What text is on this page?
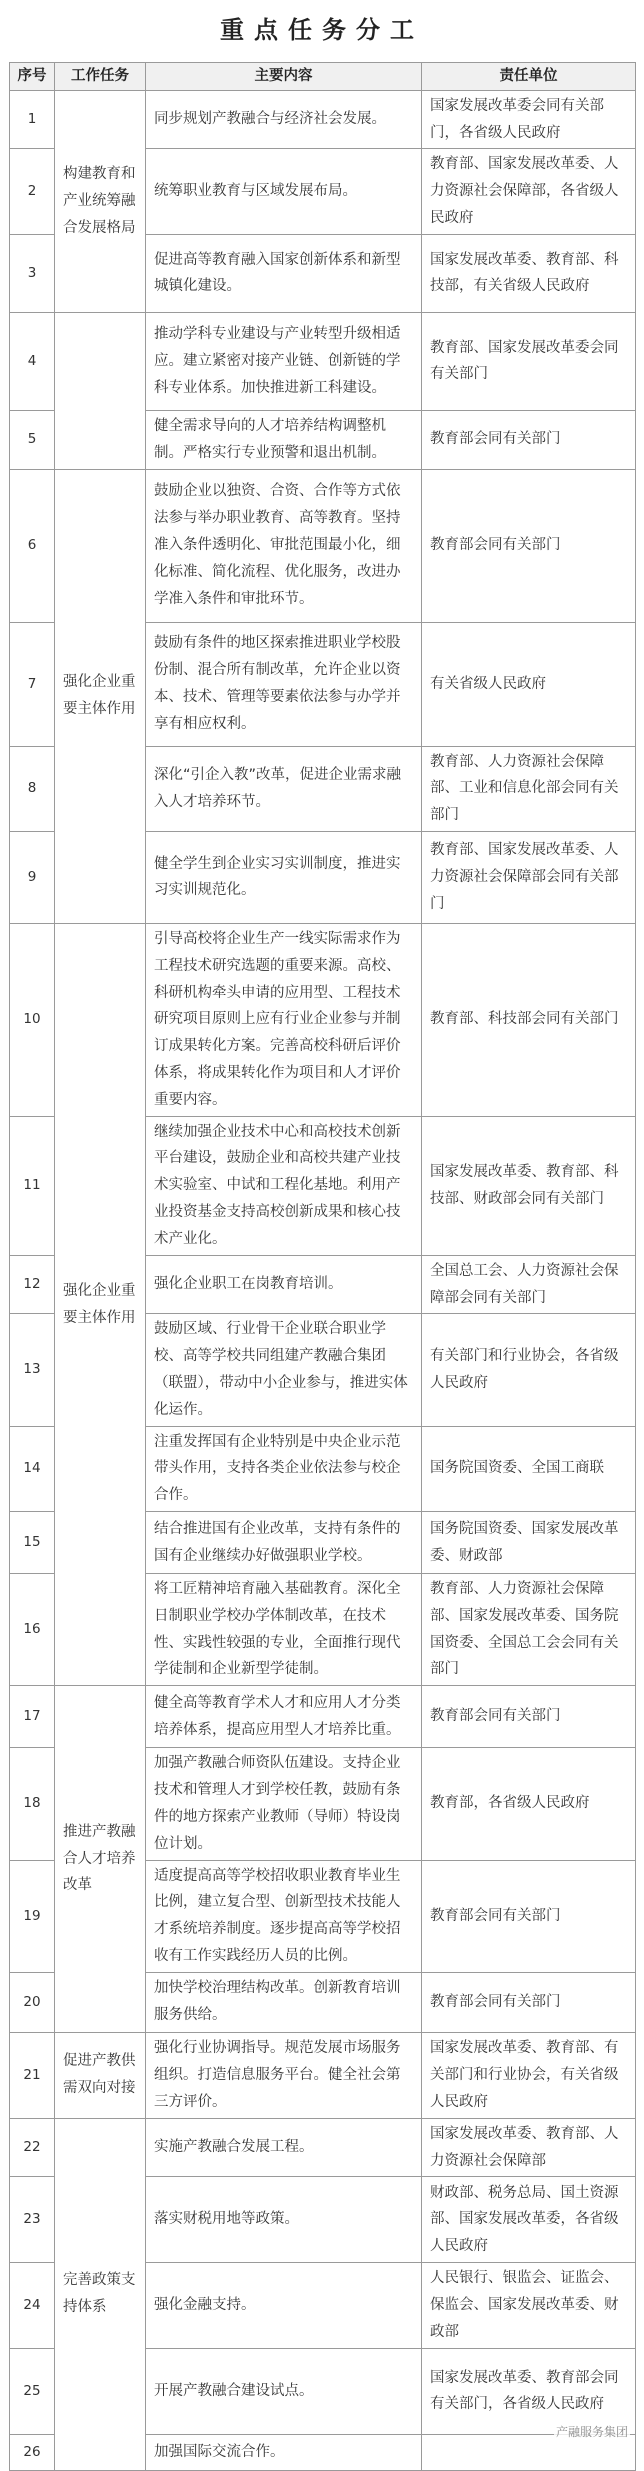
重点任务分工
序号	工作任务	主要内容	责任单位
1	构建教育和产业统筹融合发展格局	同步规划产教融合与经济社会发展。	国家发展改革委会同有关部门，各省级人民政府
2		统筹职业教育与区域发展布局。	教育部、国家发展改革委、人力资源社会保障部，各省级人民政府
3		促进高等教育融入国家创新体系和新型城镇化建设。	国家发展改革委、教育部、科技部，有关省级人民政府
4		推动学科专业建设与产业转型升级相适应。建立紧密对接产业链、创新链的学科专业体系。加快推进新工科建设。	教育部、国家发展改革委会同有关部门
5		健全需求导向的人才培养结构调整机制。严格实行专业预警和退出机制。	教育部会同有关部门
6	强化企业重要主体作用	鼓励企业以独资、合资、合作等方式依法参与举办职业教育、高等教育。坚持准入条件透明化、审批范围最小化，细化标准、简化流程、优化服务，改进办学准入条件和审批环节。	教育部会同有关部门
7		鼓励有条件的地区探索推进职业学校股份制、混合所有制改革，允许企业以资本、技术、管理等要素依法参与办学并享有相应权利。	有关省级人民政府
8		深化“引企入教”改革，促进企业需求融入人才培养环节。	教育部、人力资源社会保障部、工业和信息化部会同有关部门
9		健全学生到企业实习实训制度，推进实习实训规范化。	教育部、国家发展改革委、人力资源社会保障部会同有关部门
10	强化企业重要主体作用	引导高校将企业生产一线实际需求作为工程技术研究选题的重要来源。高校、科研机构牵头申请的应用型、工程技术研究项目原则上应有行业企业参与并制订成果转化方案。完善高校科研后评价体系，将成果转化作为项目和人才评价重要内容。	教育部、科技部会同有关部门
11		继续加强企业技术中心和高校技术创新平台建设，鼓励企业和高校共建产业技术实验室、中试和工程化基地。利用产业投资基金支持高校创新成果和核心技术产业化。	国家发展改革委、教育部、科技部、财政部会同有关部门
12		强化企业职工在岗教育培训。	全国总工会、人力资源社会保障部会同有关部门
13		鼓励区域、行业骨干企业联合职业学校、高等学校共同组建产教融合集团（联盟），带动中小企业参与，推进实体化运作。	有关部门和行业协会，各省级人民政府
14		注重发挥国有企业特别是中央企业示范带头作用，支持各类企业依法参与校企合作。	国务院国资委、全国工商联
15		结合推进国有企业改革，支持有条件的国有企业继续办好做强职业学校。	国务院国资委、国家发展改革委、财政部
16		将工匠精神培育融入基础教育。深化全日制职业学校办学体制改革，在技术性、实践性较强的专业，全面推行现代学徒制和企业新型学徒制。	教育部、人力资源社会保障部、国家发展改革委、国务院国资委、全国总工会会同有关部门
17	推进产教融合人才培养改革	健全高等教育学术人才和应用人才分类培养体系，提高应用型人才培养比重。	教育部会同有关部门
18		加强产教融合师资队伍建设。支持企业技术和管理人才到学校任教，鼓励有条件的地方探索产业教师（导师）特设岗位计划。	教育部，各省级人民政府
19		适度提高高等学校招收职业教育毕业生比例，建立复合型、创新型技术技能人才系统培养制度。逐步提高高等学校招收有工作实践经历人员的比例。	教育部会同有关部门
20		加快学校治理结构改革。创新教育培训服务供给。	教育部会同有关部门
21	促进产教供需双向对接	强化行业协调指导。规范发展市场服务组织。打造信息服务平台。健全社会第三方评价。	国家发展改革委、教育部、有关部门和行业协会，有关省级人民政府
22	完善政策支持体系	实施产教融合发展工程。	国家发展改革委、教育部、人力资源社会保障部
23		落实财税用地等政策。	财政部、税务总局、国土资源部、国家发展改革委，各省级人民政府
24		强化金融支持。	人民银行、银监会、证监会、保监会、国家发展改革委、财政部
25		开展产教融合建设试点。	国家发展改革委、教育部会同有关部门，各省级人民政府
26		加强国际交流合作。	
产融服务集团
